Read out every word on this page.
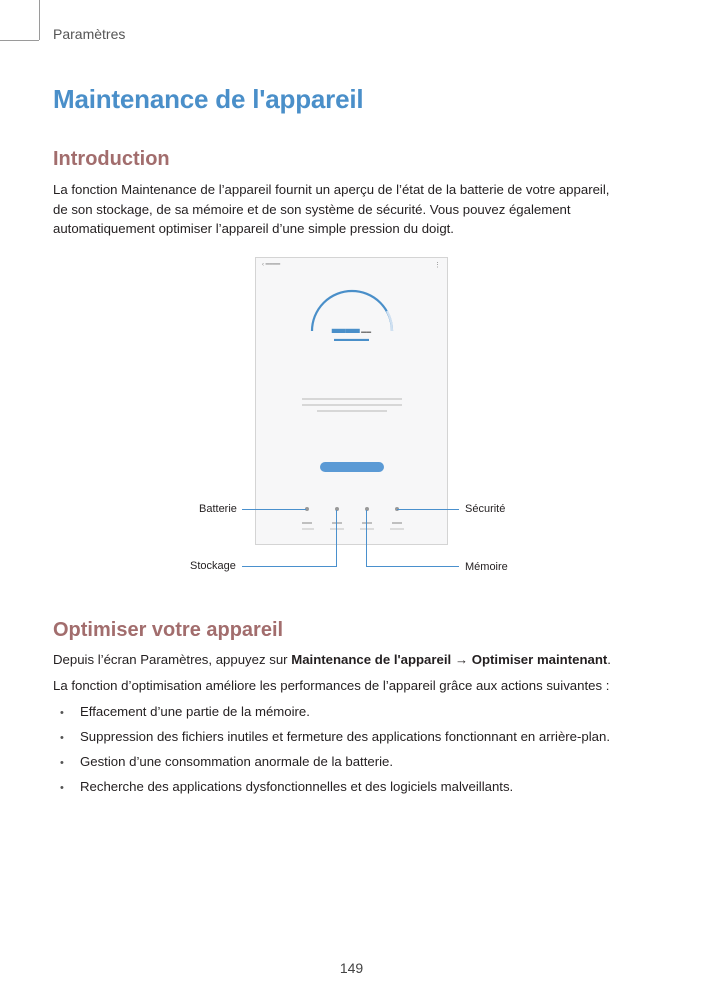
Paramètres
Maintenance de l'appareil
Introduction
La fonction Maintenance de l’appareil fournit un aperçu de l’état de la batterie de votre appareil,
de son stockage, de sa mémoire et de son système de sécurité. Vous pouvez également
automatiquement optimiser l’appareil d’une simple pression du doigt.
‹ ━━━━	⋮
▬▬ ▬▬
▬▬▬▬▬
Batterie	Sécurité
Stockage	Mémoire
Optimiser votre appareil
Depuis l’écran Paramètres, appuyez sur Maintenance de l'appareil → Optimiser maintenant.
La fonction d’optimisation améliore les performances de l’appareil grâce aux actions suivantes :
• Effacement d’une partie de la mémoire.
• Suppression des fichiers inutiles et fermeture des applications fonctionnant en arrière-plan.
• Gestion d’une consommation anormale de la batterie.
• Recherche des applications dysfonctionnelles et des logiciels malveillants.
149
